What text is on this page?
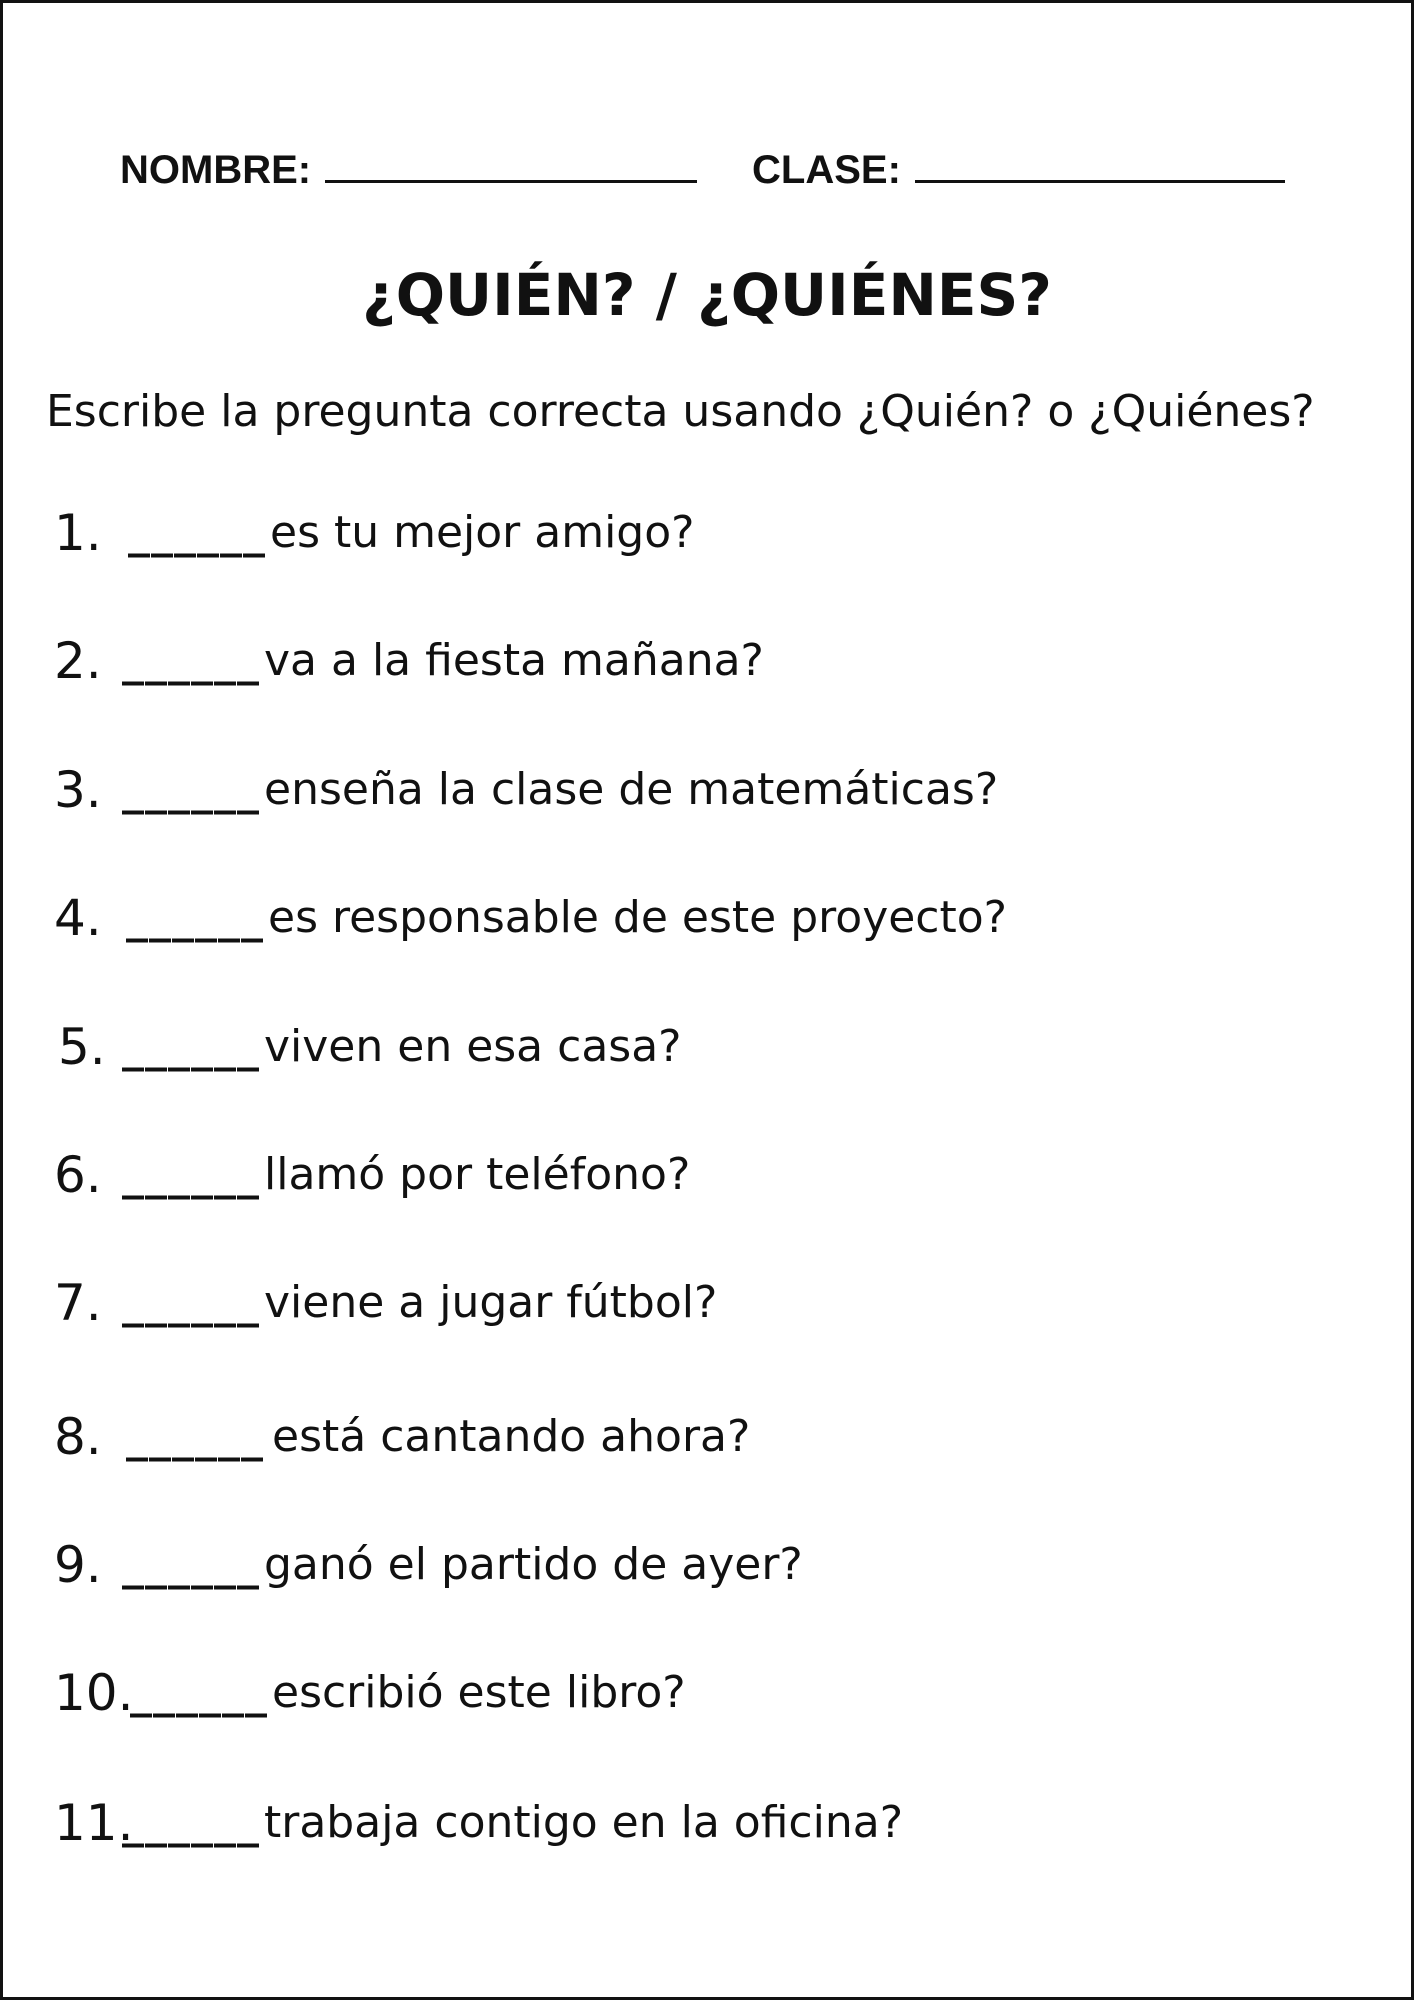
NOMBRE:	CLASE:
¿QUIÉN? / ¿QUIÉNES?
Escribe la pregunta correcta usando ¿Quién? o ¿Quiénes?
1. ______ es tu mejor amigo?
2. ______ va a la fiesta mañana?
3. ______ enseña la clase de matemáticas?
4. ______ es responsable de este proyecto?
5. ______ viven en esa casa?
6. ______ llamó por teléfono?
7. ______ viene a jugar fútbol?
8. ______ está cantando ahora?
9. ______ ganó el partido de ayer?
10.
______ escribió este libro?
11.
______ trabaja contigo en la oficina?
